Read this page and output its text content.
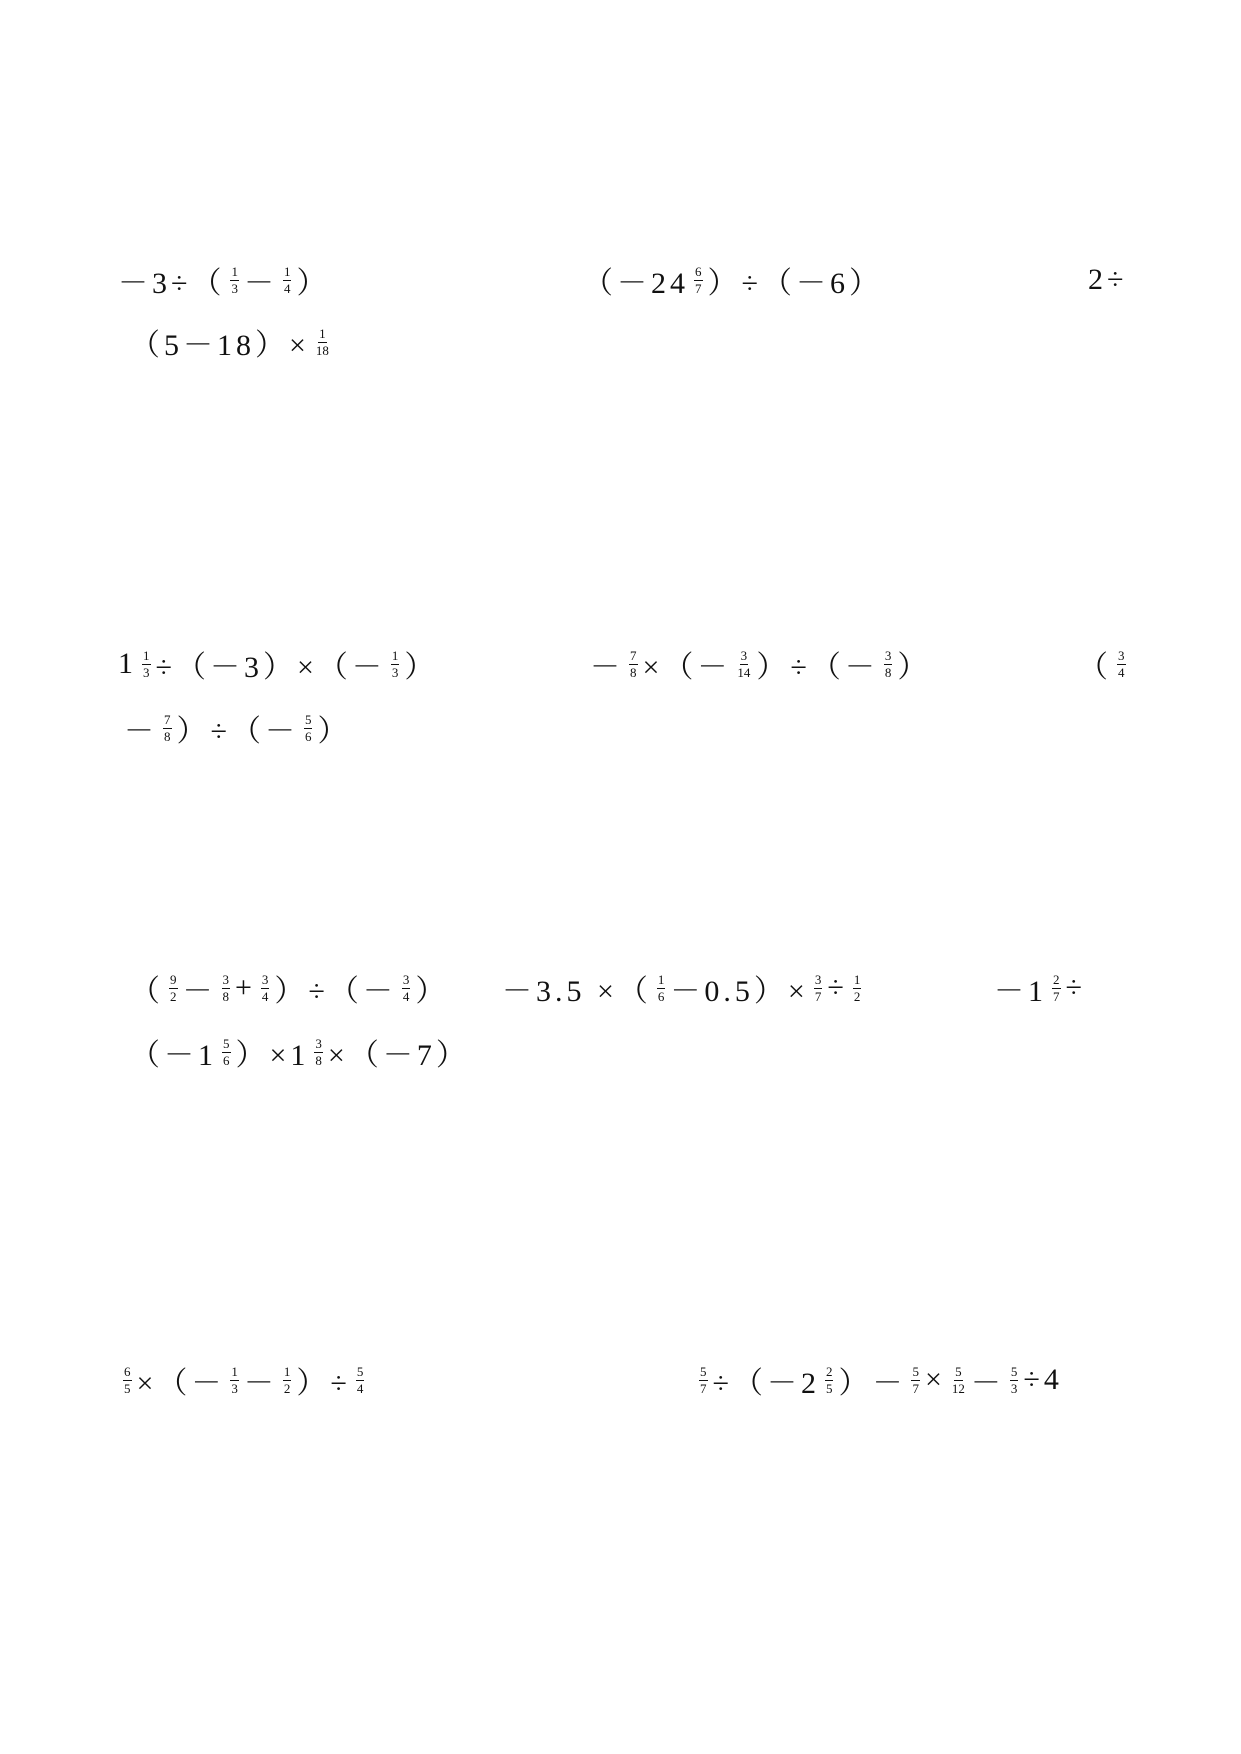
$-3\div( \frac{1}{3} - \frac{1}{4}$ ）	$(-24 \frac{6}{7} )\div(-6)$	2÷
$(5-18)\times \frac{1}{18}$
$1 \frac{1}{3} \div(-3)\times(- \frac{1}{3}$ ）	－ $\frac{7}{8}$ ×（－ $\frac{3}{14}$ ）÷（－ $\frac{3}{8}$ ）	（ $\frac{3}{4}$
－ $\frac{7}{8}$ ）÷（－ $\frac{5}{6}$ ）
（ $\frac{9}{2} - \frac{3}{8} + \frac{3}{4}$ ）÷（－ $\frac{3}{4}$ ） －3.5 ×（ $\frac{1}{6} -0.5)\times \frac{3}{7} \div \frac{1}{2}$	$-1 \frac{2}{7}$ ÷
$(-1 \frac{5}{6} )\times 1 \frac{3}{8} \times(-7)$
$\frac{6}{5}$ ×（－ $\frac{1}{3} - \frac{1}{2}$ ）÷ $\frac{5}{4}$	$\frac{5}{7} \div(-2 \frac{2}{5}$ ）－ $\frac{5}{7} \times \frac{5}{12} - \frac{5}{3} \div 4$
